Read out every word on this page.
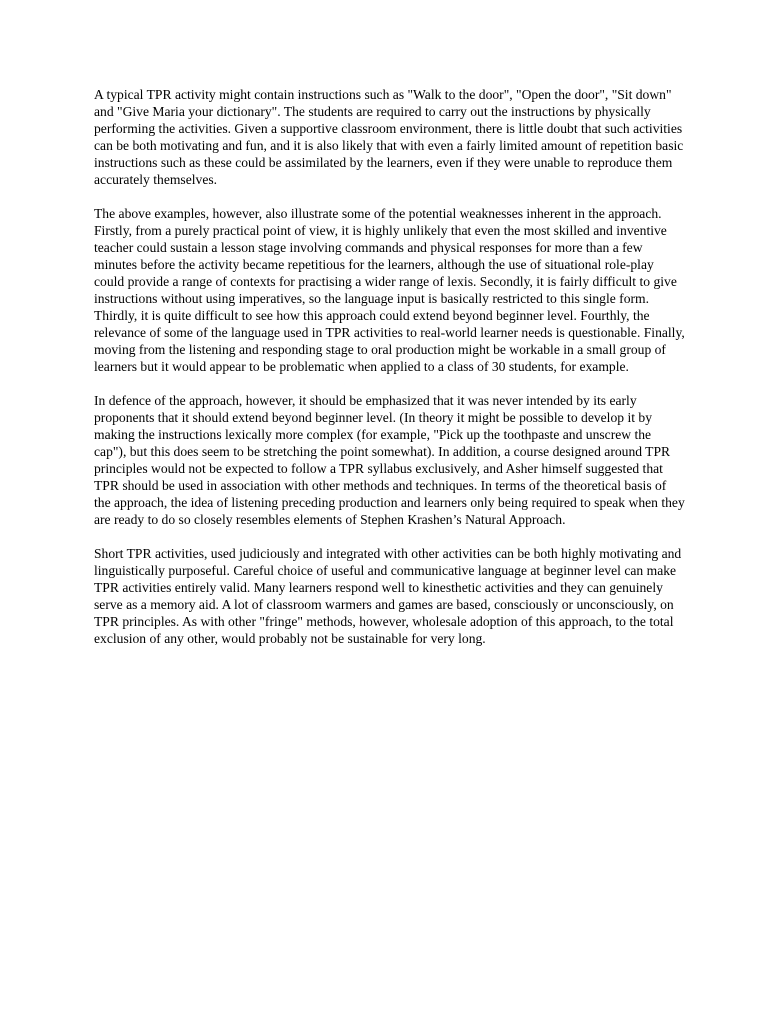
A typical TPR activity might contain instructions such as "Walk to the door", "Open the door", "Sit down" and "Give Maria your dictionary". The students are required to carry out the instructions by physically performing the activities. Given a supportive classroom environment, there is little doubt that such activities can be both motivating and fun, and it is also likely that with even a fairly limited amount of repetition basic instructions such as these could be assimilated by the learners, even if they were unable to reproduce them accurately themselves.

The above examples, however, also illustrate some of the potential weaknesses inherent in the approach. Firstly, from a purely practical point of view, it is highly unlikely that even the most skilled and inventive teacher could sustain a lesson stage involving commands and physical responses for more than a few minutes before the activity became repetitious for the learners, although the use of situational role-play could provide a range of contexts for practising a wider range of lexis. Secondly, it is fairly difficult to give instructions without using imperatives, so the language input is basically restricted to this single form. Thirdly, it is quite difficult to see how this approach could extend beyond beginner level. Fourthly, the relevance of some of the language used in TPR activities to real-world learner needs is questionable. Finally, moving from the listening and responding stage to oral production might be workable in a small group of learners but it would appear to be problematic when applied to a class of 30 students, for example.

In defence of the approach, however, it should be emphasized that it was never intended by its early proponents that it should extend beyond beginner level. (In theory it might be possible to develop it by making the instructions lexically more complex (for example, "Pick up the toothpaste and unscrew the cap"), but this does seem to be stretching the point somewhat). In addition, a course designed around TPR principles would not be expected to follow a TPR syllabus exclusively, and Asher himself suggested that TPR should be used in association with other methods and techniques. In terms of the theoretical basis of the approach, the idea of listening preceding production and learners only being required to speak when they are ready to do so closely resembles elements of Stephen Krashen’s Natural Approach.

Short TPR activities, used judiciously and integrated with other activities can be both highly motivating and linguistically purposeful. Careful choice of useful and communicative language at beginner level can make TPR activities entirely valid. Many learners respond well to kinesthetic activities and they can genuinely serve as a memory aid. A lot of classroom warmers and games are based, consciously or unconsciously, on TPR principles. As with other "fringe" methods, however, wholesale adoption of this approach, to the total exclusion of any other, would probably not be sustainable for very long.
